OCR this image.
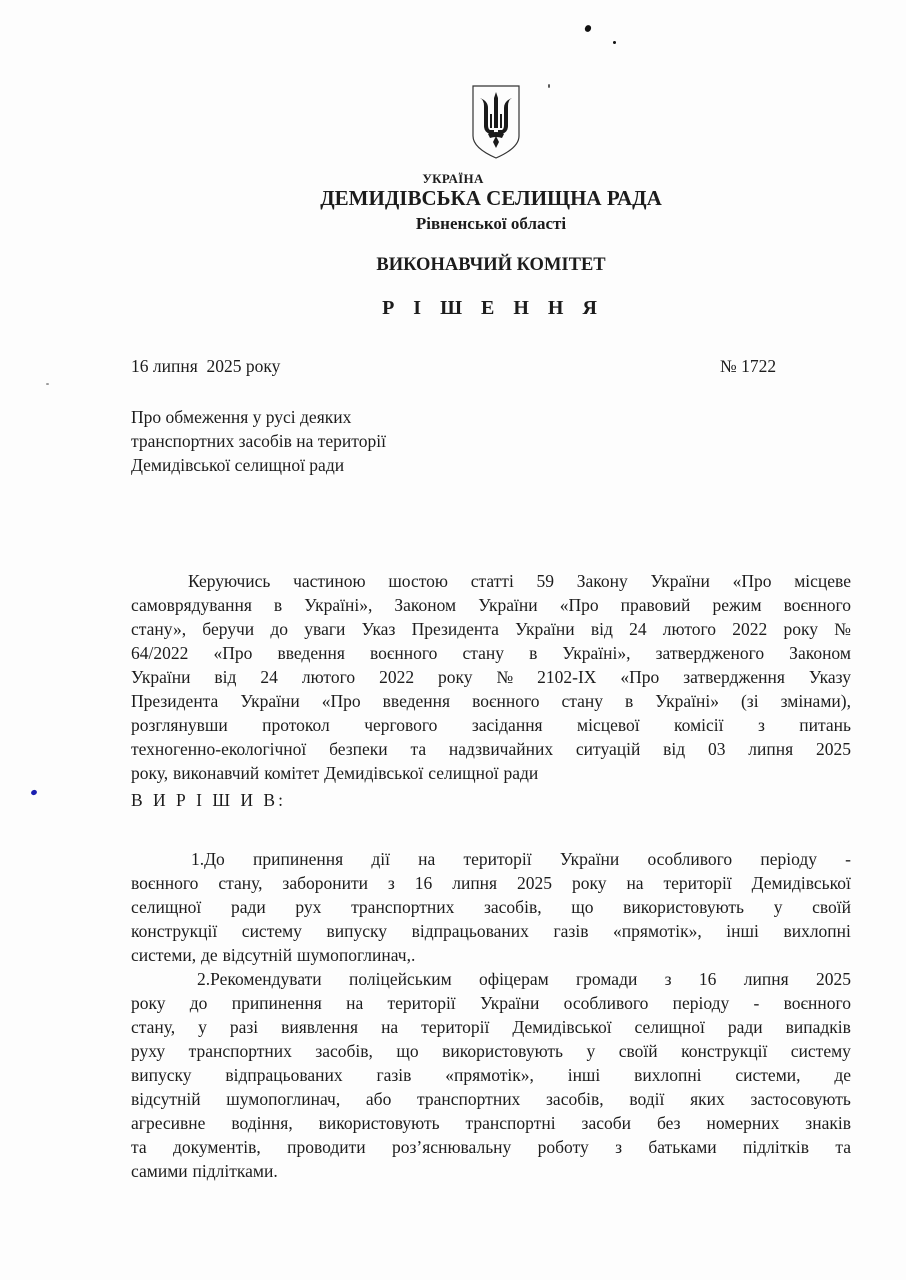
УКРАЇНА
ДЕМИДІВСЬКА СЕЛИЩНА РАДА
Рівненської області
ВИКОНАВЧИЙ КОМІТЕТ
Р І Ш Е Н Н Я
16 липня  2025 року	№ 1722
Про обмеження у русі деяких
транспортних засобів на території
Демидівської селищної ради
Керуючись частиною шостою статті 59 Закону України «Про місцеве
самоврядування в Україні», Законом України «Про правовий режим воєнного
стану», беручи до уваги Указ Президента України від 24 лютого 2022 року №
64/2022 «Про введення воєнного стану в Україні», затвердженого Законом
України від 24 лютого 2022 року № 2102-ІХ «Про затвердження Указу
Президента України «Про введення воєнного стану в Україні» (зі змінами),
розглянувши протокол чергового засідання місцевої комісії з питань
техногенно-екологічної безпеки та надзвичайних ситуацій від 03 липня 2025
року, виконавчий комітет Демидівської селищної ради
В И Р І Ш И В:
1.До припинення дії на території України особливого періоду -
воєнного стану, заборонити з 16 липня 2025 року на території Демидівської
селищної ради рух транспортних засобів, що використовують у своїй
конструкції систему випуску відпрацьованих газів «прямотік», інші вихлопні
системи, де відсутній шумопоглинач,.
2.Рекомендувати поліцейським офіцерам громади з 16 липня 2025
року до припинення на території України особливого періоду - воєнного
стану, у разі виявлення на території Демидівської селищної ради випадків
руху транспортних засобів, що використовують у своїй конструкції систему
випуску відпрацьованих газів «прямотік», інші вихлопні системи, де
відсутній шумопоглинач, або транспортних засобів, водії яких застосовують
агресивне водіння, використовують транспортні засоби без номерних знаків
та документів, проводити роз’яснювальну роботу з батьками підлітків та
самими підлітками.
